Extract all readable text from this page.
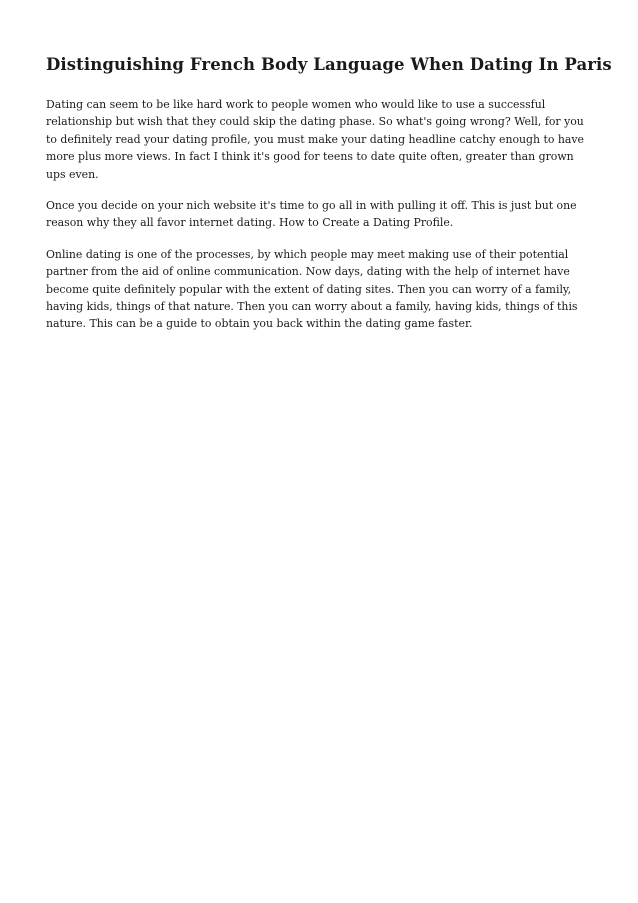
Distinguishing French Body Language When Dating In Paris

Dating can seem to be like hard work to people women who would like to use a successful relationship but wish that they could skip the dating phase. So what's going wrong? Well, for you to definitely read your dating profile, you must make your dating headline catchy enough to have more plus more views. In fact I think it's good for teens to date quite often, greater than grown ups even.

Once you decide on your nich website it's time to go all in with pulling it off. This is just but one reason why they all favor internet dating. How to Create a Dating Profile.

Online dating is one of the processes, by which people may meet making use of their potential partner from the aid of online communication. Now days, dating with the help of internet have become quite definitely popular with the extent of dating sites. Then you can worry of a family, having kids, things of that nature. Then you can worry about a family, having kids, things of this nature. This can be a guide to obtain you back within the dating game faster.
